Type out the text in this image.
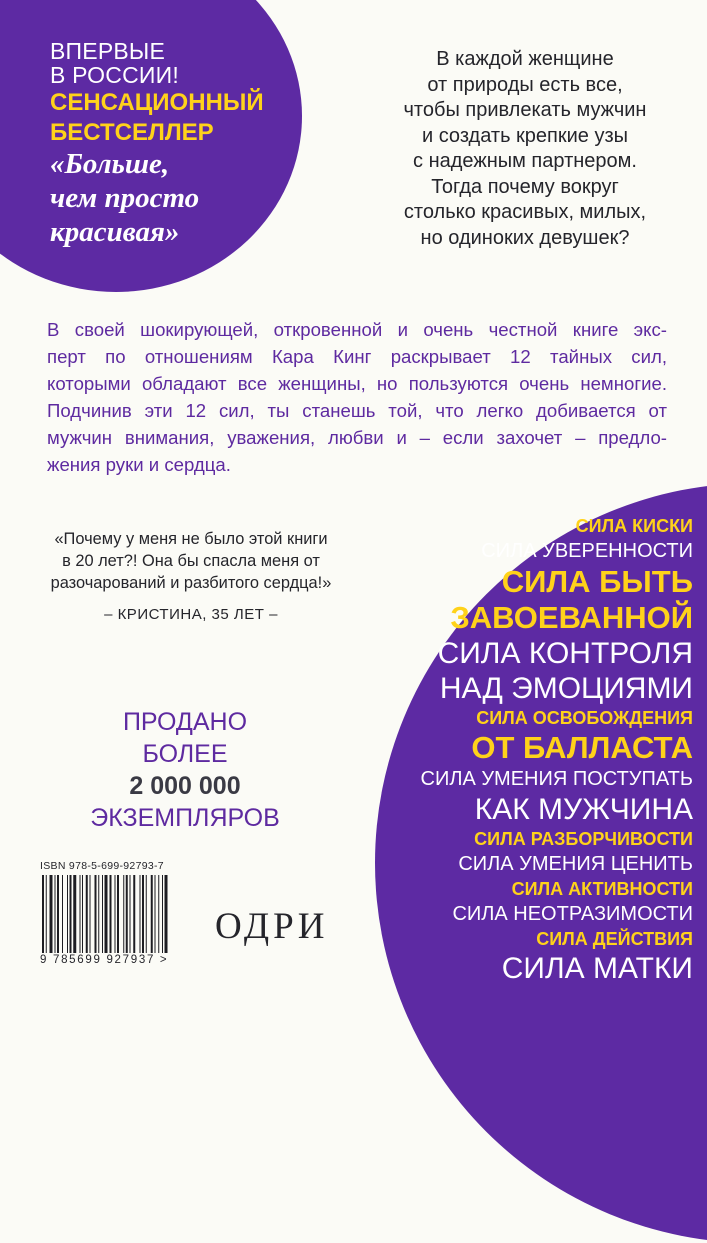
ВПЕРВЫЕ
В РОССИИ!
СЕНСАЦИОННЫЙ
БЕСТСЕЛЛЕР
«Больше,
чем просто
красивая»
В каждой женщине
от природы есть все,
чтобы привлекать мужчин
и создать крепкие узы
с надежным партнером.
Тогда почему вокруг
столько красивых, милых,
но одиноких девушек?
В своей шокирующей, откровенной и очень честной книге экс-
перт по отношениям Кара Кинг раскрывает 12 тайных сил,
которыми обладают все женщины, но пользуются очень немногие.
Подчинив эти 12 сил, ты станешь той, что легко добивается от
мужчин внимания, уважения, любви и – если захочет – предло-
жения руки и сердца.
«Почему у меня не было этой книги
в 20 лет?! Она бы спасла меня от
разочарований и разбитого сердца!»
– КРИСТИНА, 35 ЛЕТ –
ПРОДАНО
БОЛЕЕ
2 000 000
ЭКЗЕМПЛЯРОВ
СИЛА КИСКИ
СИЛА УВЕРЕННОСТИ
СИЛА БЫТЬ
ЗАВОЕВАННОЙ
СИЛА КОНТРОЛЯ
НАД ЭМОЦИЯМИ
СИЛА ОСВОБОЖДЕНИЯ
ОТ БАЛЛАСТА
СИЛА УМЕНИЯ ПОСТУПАТЬ
КАК МУЖЧИНА
СИЛА РАЗБОРЧИВОСТИ
СИЛА УМЕНИЯ ЦЕНИТЬ
СИЛА АКТИВНОСТИ
СИЛА НЕОТРАЗИМОСТИ
СИЛА ДЕЙСТВИЯ
СИЛА МАТКИ
ISBN 978-5-699-92793-7
9 785699 927937 >
ОДРИ
